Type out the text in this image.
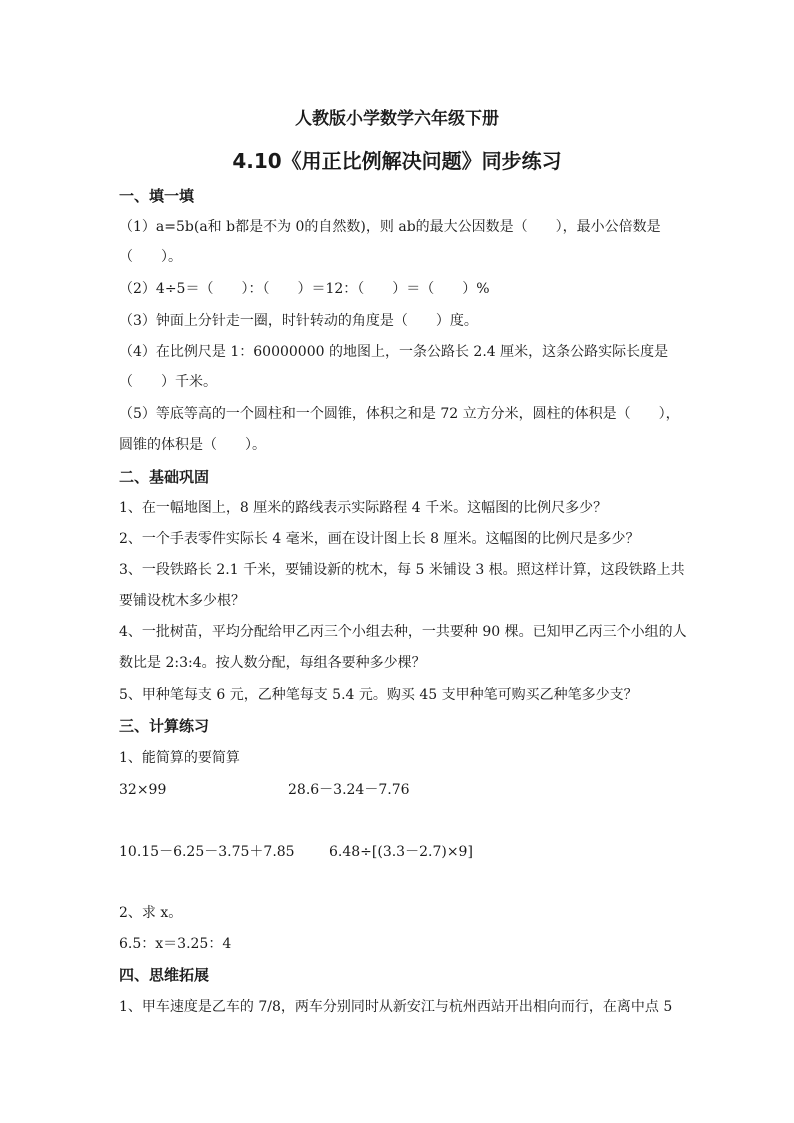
人教版小学数学六年级下册
4.10《用正比例解决问题》同步练习
一、填一填
（1）a=5b(a和 b都是不为 0的自然数)，则 ab的最大公因数是（　　），最小公倍数是
（　　）。
（2）4÷5＝（　　）：（　　）＝12：（　　）＝（　　）%
（3）钟面上分针走一圈，时针转动的角度是（　　）度。
（4）在比例尺是 1：60000000 的地图上，一条公路长 2.4 厘米，这条公路实际长度是
（　　）千米。
（5）等底等高的一个圆柱和一个圆锥，体积之和是 72 立方分米，圆柱的体积是（　　），
圆锥的体积是（　　）。
二、基础巩固
1、在一幅地图上，8 厘米的路线表示实际路程 4 千米。这幅图的比例尺多少？
2、一个手表零件实际长 4 毫米，画在设计图上长 8 厘米。这幅图的比例尺是多少？
3、一段铁路长 2.1 千米，要铺设新的枕木，每 5 米铺设 3 根。照这样计算，这段铁路上共
要铺设枕木多少根？
4、一批树苗，平均分配给甲乙丙三个小组去种，一共要种 90 棵。已知甲乙丙三个小组的人
数比是 2:3:4。按人数分配，每组各要种多少棵？
5、甲种笔每支 6 元，乙种笔每支 5.4 元。购买 45 支甲种笔可购买乙种笔多少支？
三、计算练习
1、能简算的要简算
32×99	28.6－3.24－7.76
10.15－6.25－3.75＋7.85 6.48÷[(3.3－2.7)×9]
2、求 x。
6.5：x＝3.25：4
四、思维拓展
1、甲车速度是乙车的 7/8，两车分别同时从新安江与杭州西站开出相向而行，在离中点 5
